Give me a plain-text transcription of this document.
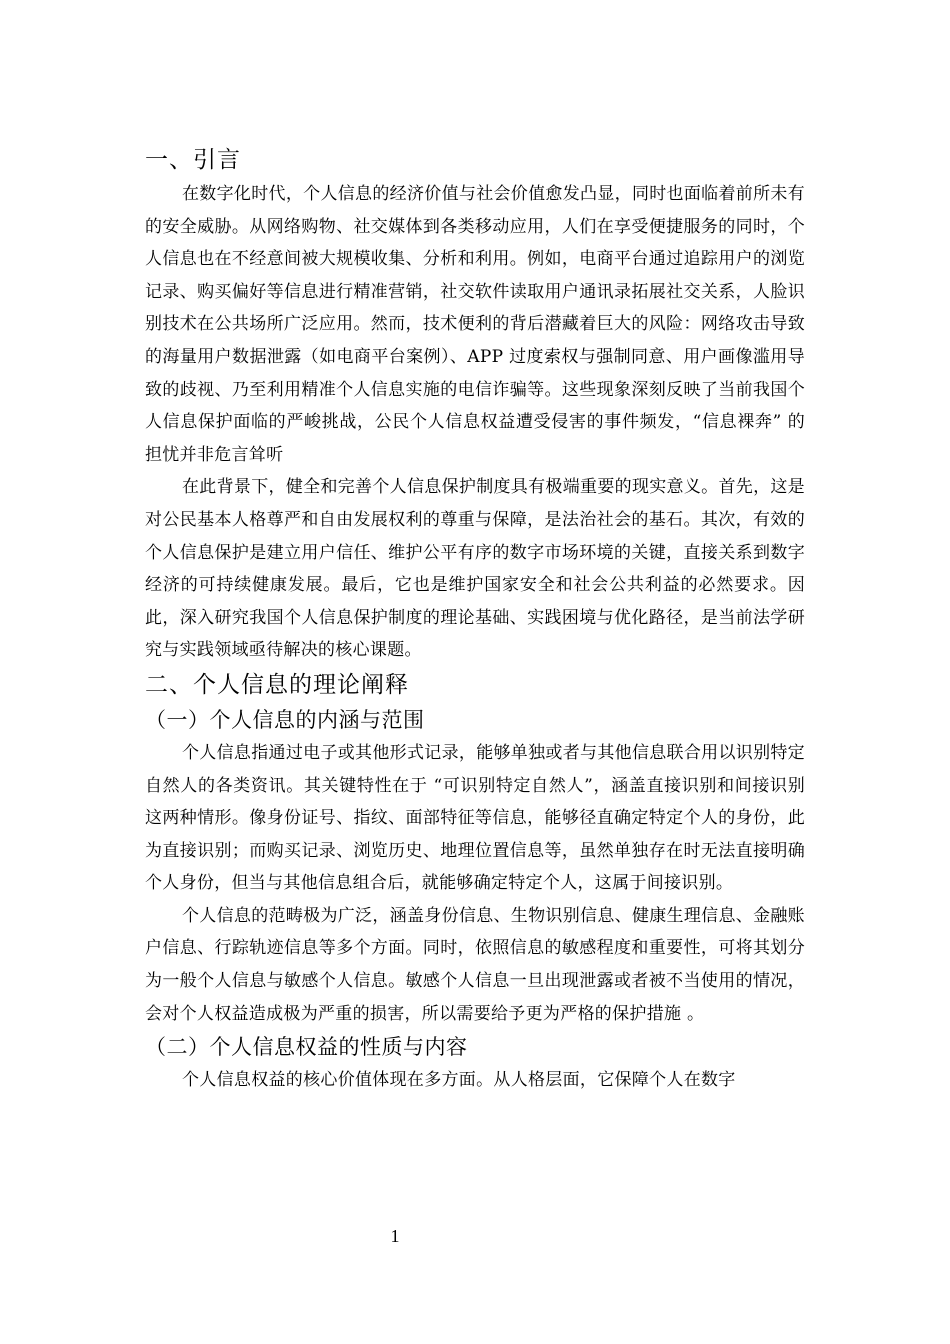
一、引言

在数字化时代，个人信息的经济价值与社会价值愈发凸显，同时也面临着前所未有的安全威胁。从网络购物、社交媒体到各类移动应用，人们在享受便捷服务的同时，个人信息也在不经意间被大规模收集、分析和利用。例如，电商平台通过追踪用户的浏览记录、购买偏好等信息进行精准营销，社交软件读取用户通讯录拓展社交关系，人脸识别技术在公共场所广泛应用。然而，技术便利的背后潜藏着巨大的风险：网络攻击导致的海量用户数据泄露（如电商平台案例）、APP 过度索权与强制同意、用户画像滥用导致的歧视、乃至利用精准个人信息实施的电信诈骗等。这些现象深刻反映了当前我国个人信息保护面临的严峻挑战，公民个人信息权益遭受侵害的事件频发，“信息裸奔” 的担忧并非危言耸听

在此背景下，健全和完善个人信息保护制度具有极端重要的现实意义。首先，这是对公民基本人格尊严和自由发展权利的尊重与保障，是法治社会的基石。其次，有效的个人信息保护是建立用户信任、维护公平有序的数字市场环境的关键，直接关系到数字经济的可持续健康发展。最后，它也是维护国家安全和社会公共利益的必然要求。因此，深入研究我国个人信息保护制度的理论基础、实践困境与优化路径，是当前法学研究与实践领域亟待解决的核心课题。

二、个人信息的理论阐释
（一）个人信息的内涵与范围

个人信息指通过电子或其他形式记录，能够单独或者与其他信息联合用以识别特定自然人的各类资讯。其关键特性在于 “可识别特定自然人”，涵盖直接识别和间接识别这两种情形。像身份证号、指纹、面部特征等信息，能够径直确定特定个人的身份，此为直接识别；而购买记录、浏览历史、地理位置信息等，虽然单独存在时无法直接明确个人身份，但当与其他信息组合后，就能够确定特定个人，这属于间接识别。

个人信息的范畴极为广泛，涵盖身份信息、生物识别信息、健康生理信息、金融账户信息、行踪轨迹信息等多个方面。同时，依照信息的敏感程度和重要性，可将其划分为一般个人信息与敏感个人信息。敏感个人信息一旦出现泄露或者被不当使用的情况，会对个人权益造成极为严重的损害，所以需要给予更为严格的保护措施 。

（二）个人信息权益的性质与内容

个人信息权益的核心价值体现在多方面。从人格层面，它保障个人在数字

1
